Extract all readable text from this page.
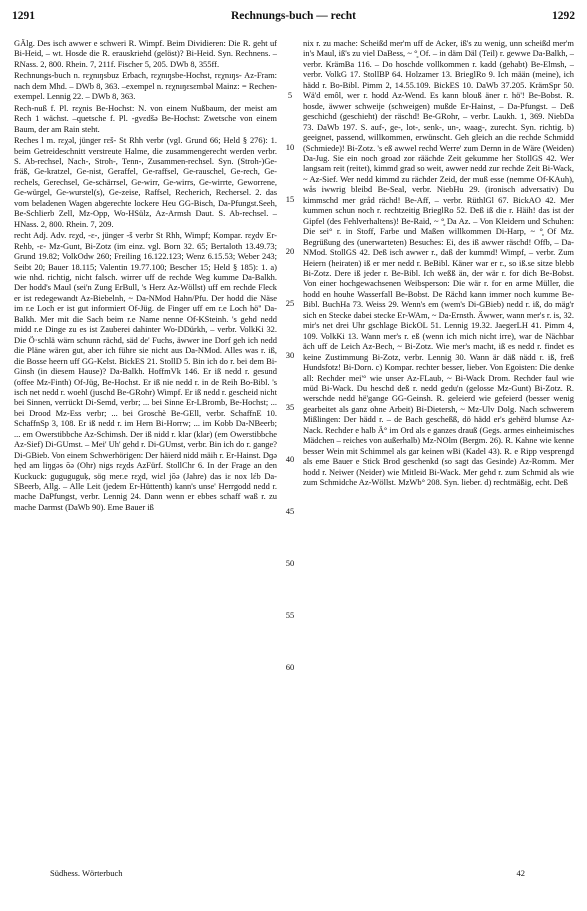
1291	Rechnungs-buch — recht	1292

GÄlg. Des isch awwer e schweri R. Wimpf. Beim Dividieren: Die R. geht uf Bi-Heid, – wt. Hosde die R. erauskriehd (gelöst)? Bi-Heid. Syn. Rechnens. – RNass. 2, 800. Rhein. 7, 211f. Fischer 5, 205. DWb 8, 355ff.

Rechnungs-buch n. rεχnıŋsbuz Erbach, rεχnıŋsbe-Hochst, rεχnıŋs- Az-Fram: nach dem Mhd. – DWb 8, 363. –exempel n. rεχnıŋεsεmbəl Mainz: = Rechen-exempel. Lennig 22. – DWb 8, 363.

Rech-nuß f. Pl. rεχnis Be-Hochst: N. von einem Nußbaum, der meist am Rech 1 wächst. –quetsche f. Pl. -gvεdšə Be-Hochst: Zwetsche von einem Baum, der am Rain steht.

Reches l m. rεχəl, jünger rεš- St Rhh verbr (vgl. Grund 66; Held § 276): 1. beim Getreideschnitt verstreute Halme, die zusammengerecht werden verbr. S. Ab-rechsel, Nach-, Stroh-, Tenn-, Zusammen-rechsel. Syn. (Stroh-)Ge-fräß, Ge-kratzel, Ge-nist, Geraffel, Ge-raffsel, Ge-rauschel, Ge-rech, Ge-rechels, Gerechsel, Ge-schärrsel, Ge-wirr, Ge-wirrs, Ge-wirrte, Geworrene, Ge-würgel, Ge-wurstel(s), Ge-zeise, Raffsel, Recherich, Rechersel. 2. das vom beladenen Wagen abgerechte lockere Heu GG-Bisch, Da-Pfungst.Seeh, Be-Schlierb Zell, Mz-Opp, Wo-HSülz, Az-Armsh Daut. S. Ab-rechsel. – HNass. 2, 800. Rhein. 7, 209.

recht Adj. Adv. rεχd, -ε-, jünger -š verbr St Rhh, Wimpf; Kompar. rεχdv Er-Rehb, -ε- Mz-Gunt, Bi-Zotz (im einz. vgl. Born 32. 65; Bertaloth 13.49.73; Grund 19.82; VolkOdw 260; Freiling 16.122.123; Wenz 6.15.53; Weber 243; Seibt 20; Bauer 18.115; Valentin 19.77.100; Bescher 15; Held § 185): 1. a) wie nhd. richtig, nicht falsch. wirrer uff de rechde Weg kumme Da-Balkh. Der hodd's Maul (sei'n Zung ErBull, 's Herz Az-Wöllst) uff em rechde Fleck er ist redegewandt Az-Biebelnh, ~ Da-NMod Hahn/Pfu. Der hodd die Näse im r.e Loch er ist gut informiert Of-Jüg. de Finger uff em r.e Loch hö'' Da-Balkh. Mer mit die Sach beim r.e Name nenne Of-KSteinh. 's gehd nedd midd r.e Dinge zu es ist Zauberei dahinter Wo-DDürkh, – verbr. VolkKi 32. Die Ö·schlä wärn schunn rächd, säd de' Fuchs, äwwer ine Dorf geh ich nedd die Pläne wären gut, aber ich führe sie nicht aus Da-NMod. Alles was r. iß, die Bosse heern uff GG-Kelst. BickES 21. StollD 5. Bin ich do r. bei dem Bi-Ginsh (in diesem Hause)? Da-Balkh. HoffmVk 146. Er iß nedd r. gesund (offee Mz-Finth) Of-Jüg, Be-Hochst. Er iß nie nedd r. in de Reih Bo-Bibl. 's isch net nedd r. woehl (juschd Be-GRohr) Wimpf. Er iß nedd r. gescheid nicht bei Sinnen, verrückt Di-Semd, verbr; ... bei Sinne Er-LBromb, Be-Hochst; ... bei Drood Mz-Ess verbr; ... bei Groschè Be-GEll, verbr. SchaffnE 10. SchaffnSp 3, 108. Er iß nedd r. im Hern Bi-Horrw; ... im Kobb Da-NBeerb; ... em Owerstibbche Az-Schimsh. Der iß nidd r. klar (klar) (em Owerstibbche Az-Sief) Di-GUmst. – Mei' Uh' gehd r. Di-GUmst, verbr. Bin ich do r. gange? Di-GBieb. Von einem Schwerhörigen: Der häierd nidd mäih r. Er-Hainst. Dɡə hẹd am liŋgəs ōə (Ohr) nigs rεχds AzFürf. StollChr 6. In der Frage an den Kuckuck: guguguguḳ, söɡ mer.e rεχd, wiɛl jōə (Jahre) das iɛ nox lέb Da-SBeerb, Allg. – Alle Leit (jedem Er-Hüttenth) kann's unse' Herrgodd nedd r. mache DaPfungst, verbr. Lennig 24. Dann wenn er ebbes schaff waß r. zu mache Darmst (DaWb 90). Eme Bauer iß

5
10
15
20
25
30
35
40
45
50
55
60

nix r. zu mache: Scheißd mer'm uff de Acker, iß's zu wenig, unn scheißd mer'm in's Maul, iß's zu viel DaBess, ~ °̥ Of. – in däm Däl (Teil) r. gewwe Da-Balkh, – verbr. KrämBa 116. – Do hoschde vollkommen r. kadd (gehabt) Be-Elmsh, – verbr. VolkG 17. StollBP 64. Holzamer 13. BrieglRo 9. Ich mään (meine), ich hädd r. Bo-Bibl. Pimm 2, 14.55.109. BickES 10. DaWb 37.205. KrämSpr 50. Wä'd emôl, wer r. hodd Az-Wend. Es kann blouß äner r. hö'! Be-Bobst. R. hosde, äwwer schweije (schweigen) mußde Er-Hainst, – Da-Pfungst. – Deß geschichd (geschieht) der räschd! Be-GRohr, – verbr. Laukh. 1, 369. NiebDa 73. DaWb 197. S. auf-, ge-, lot-, senk-, un-, waag-, zurecht. Syn. richtig. b) geeignet, passend, willkommen, erwünscht. Geh gleich an die rechde Schmidd (Schmiede)! Bi-Zotz. 's eß awwel rechd Werre' zum Dernn in de Wäre (Weiden) Da-Jug. Sie ein noch groad zor räächde Zeit gekumme her StollGS 42. Wer langsam reit (reitet), kimmd grad so weit, awwer nedd zur rechde Zeit Bi-Wack, ~ Az-Sief. Wer nedd kimmd zu rächder Zeid, der muß esse (nemme Of-KAuh), wås iwwrig bleibd Be-Seal, verbr. NiebHu 29. (ironisch adversativ) Du kimmschd mer gråd rächd! Be-Aff, – verbr. RüthlGl 67. BickAO 42. Mer kummen schun noch r. rechtzeitig BrieglRo 52. Deß iß die r. Häih! das ist der Gipfel (des Fehlverhaltens)! Be-Raid, ~ °̥ Da Az. – Von Kleidern und Schuhen: Die sei° r. in Stoff, Farbe und Maßen willkommen Di-Harp, ~ °̥ Of Mz. Begrüßung des (unerwarteten) Besuches: Ei, des iß awwer räschd! Offb, – Da-NMod. StollGS 42. Deß isch awwer r., daß der kummd! Wimpf, – verbr. Zum Heiern (heiraten) iß er mer nedd r. BeBibl. Käner war er r., so iß.se sitze blebb Bi-Zotz. Dere iß jeder r. Be-Bibl. Ich weßß än, der wär r. for dich Be-Bobst. Von einer hochgewachsenen Weibsperson: Die wär r. for en arme Müller, die hodd en houhe Wasserfall Be-Bobst. De Rächd kann immer noch kumme Be-Bibl. BuchHa 73. Weiss 29. Wenn's em (wem's Di-GBieb) nedd r. iß, do mäg'r sich en Stecke dabei stecke Er-WAm, ~ Da-Ernsth. Äwwer, wann mer's r. is, 32. mir's net drei Uhr gschlage BickOL 51. Lennig 19.32. JaegerLH 41. Pimm 4, 109. VolkKi 13. Wann mer's r. eß (wenn ich mich nicht irre), war de Nächbar äch uff de Leich Az-Bech, ~ Bi-Zotz. Wie mer's macht, iß es nedd r. findet es keine Zustimmung Bi-Zotz, verbr. Lennig 30. Wann är däß nädd r. iß, freß Hundsfotz! Bi-Dorn. c) Kompar. rechter besser, lieber. Von Egoisten: Die denke all: Rechder mei'° wie unser Az-FLaub, ~ Bi-Wack Drom. Rechder faul wie müd Bi-Wack. Du heschd deß r. nedd gedu'n (gelosse Mz-Gunt) Bi-Zotz. R. werschde nedd hë'gange GG-Geinsh. R. geleierd wie gefeierd (besser wenig gearbeitet als ganz ohne Arbeit) Bi-Dietersh, ~ Mz-Ulv Dolg. Nach schwerem Mißlingen: Der hädd r. – de Bach gescheßß, dö hädd er's gehërd blumse AzNack. Rechder e halb Ä° im Ord als e ganzes drauß (Gegs. armes einheimisches Mädchen – reiches von außerhalb) Mz-NOlm (Bergm. 26). R. Kahne wie kenne besser Wein mit Schimmel als gar keinen wBi (Kadel 43). R. e Ripp vesprengd als eme Bauer e Stick Brod geschenkd (so sagt das Gesinde) Az-Romm. Mer hodd r. Neiwer (Neider) wie Mitleid Bi-Wack. Mer gehd r. zum Schmid als wie zum Schmidche Az-Wöllst. MzWb° 208. Syn. lieber. d) rechtmäßig, echt. Deß

Südhess. Wörterbuch	42
